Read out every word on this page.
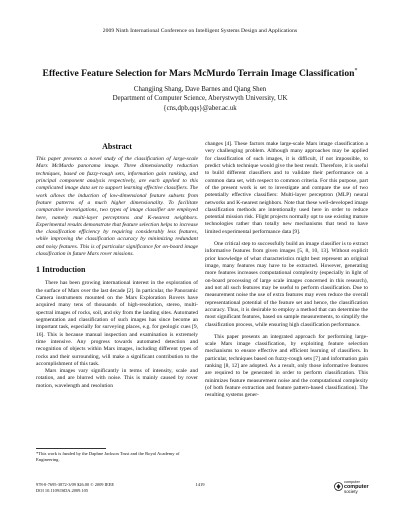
2009 Ninth International Conference on Intelligent Systems Design and Applications
Effective Feature Selection for Mars McMurdo Terrain Image Classification*
Changjing Shang, Dave Barnes and Qiang Shen
Department of Computer Science, Aberystwyth University, UK
{cns,dpb,qqs}@aber.ac.uk
Abstract

This paper presents a novel study of the classification of large-scale Mars McMurdo panorama image. Three dimensionality reduction techniques, based on fuzzy-rough sets, information gain ranking, and principal component analysis respectively, are each applied to this complicated image data set to support learning effective classifiers. The work allows the induction of low-dimensional feature subsets from feature patterns of a much higher dimensionality. To facilitate comparative investigations, two types of image classifier are employed here, namely multi-layer perceptrons and K-nearest neighbors. Experimental results demonstrate that feature selection helps to increase the classification efficiency by requiring considerably less features, while improving the classification accuracy by minimizing redundant and noisy features. This is of particular significance for on-board image classification in future Mars rover missions.

1 Introduction

There has been growing international interest in the exploration of the surface of Mars over the last decade [2]. In particular, the Panoramic Camera instruments mounted on the Mars Exploration Rovers have acquired many tens of thousands of high-resolution, stereo, multi-spectral images of rocks, soil, and sky from the landing sites. Automated segmentation and classification of such images has since become an important task, especially for surveying places, e.g. for geologic cues [9, 16]. This is because manual inspection and examination is extremely time intensive. Any progress towards automated detection and recognition of objects within Mars images, including different types of rocks and their surrounding, will make a significant contribution to the accomplishment of this task.

Mars images vary significantly in terms of intensity, scale and rotation, and are blurred with noise. This is mainly caused by rover motion, wavelength and resolution

changes [4]. These factors make large-scale Mars image classification a very challenging problem. Although many approaches may be applied for classification of such images, it is difficult, if not impossible, to predict which technique would give the best result. Therefore, it is useful to build different classifiers and to validate their performance on a common data set, with respect to common criteria. For this purpose, part of the present work is set to investigate and compare the use of two potentially effective classifiers: Multi-layer perceptron (MLP) neural networks and K-nearest neighbors. Note that these well-developed image classification methods are intentionally used here in order to reduce potential mission risk. Flight projects normally opt to use existing mature technologies rather than totally new mechanisms that tend to have limited experimental performance data [9].

One critical step to successfully build an image classifier is to extract informative features from given images [5, 8, 10, 13]. Without explicit prior knowledge of what characteristics might best represent an original image, many features may have to be extracted. However, generating more features increases computational complexity (especially in light of on-board processing of large scale images concerned in this research), and not all such features may be useful to perform classification. Due to measurement noise the use of extra features may even reduce the overall representational potential of the feature set and hence, the classification accuracy. Thus, it is desirable to employ a method that can determine the most significant features, based on sample measurements, to simplify the classification process, while ensuring high classification performance.

This paper presents an integrated approach for performing large-scale Mars image classification, by exploiting feature selection mechanisms to ensure effective and efficient learning of classifiers. In particular, techniques based on fuzzy-rough sets [7] and information gain ranking [8, 12] are adopted. As a result, only those informative features are required to be generated in order to perform classification. This minimizes feature measurement noise and the computational complexity (of both feature extraction and feature pattern-based classification). The resulting systems gener-

*This work is funded by the Daphne Jackson Trust and the Royal Academy of Engineering.
978-0-7695-3872-3/09 $26.00 © 2009 IEEE
DOI 10.1109/ISDA.2009.105
1419	computer
computer
society
